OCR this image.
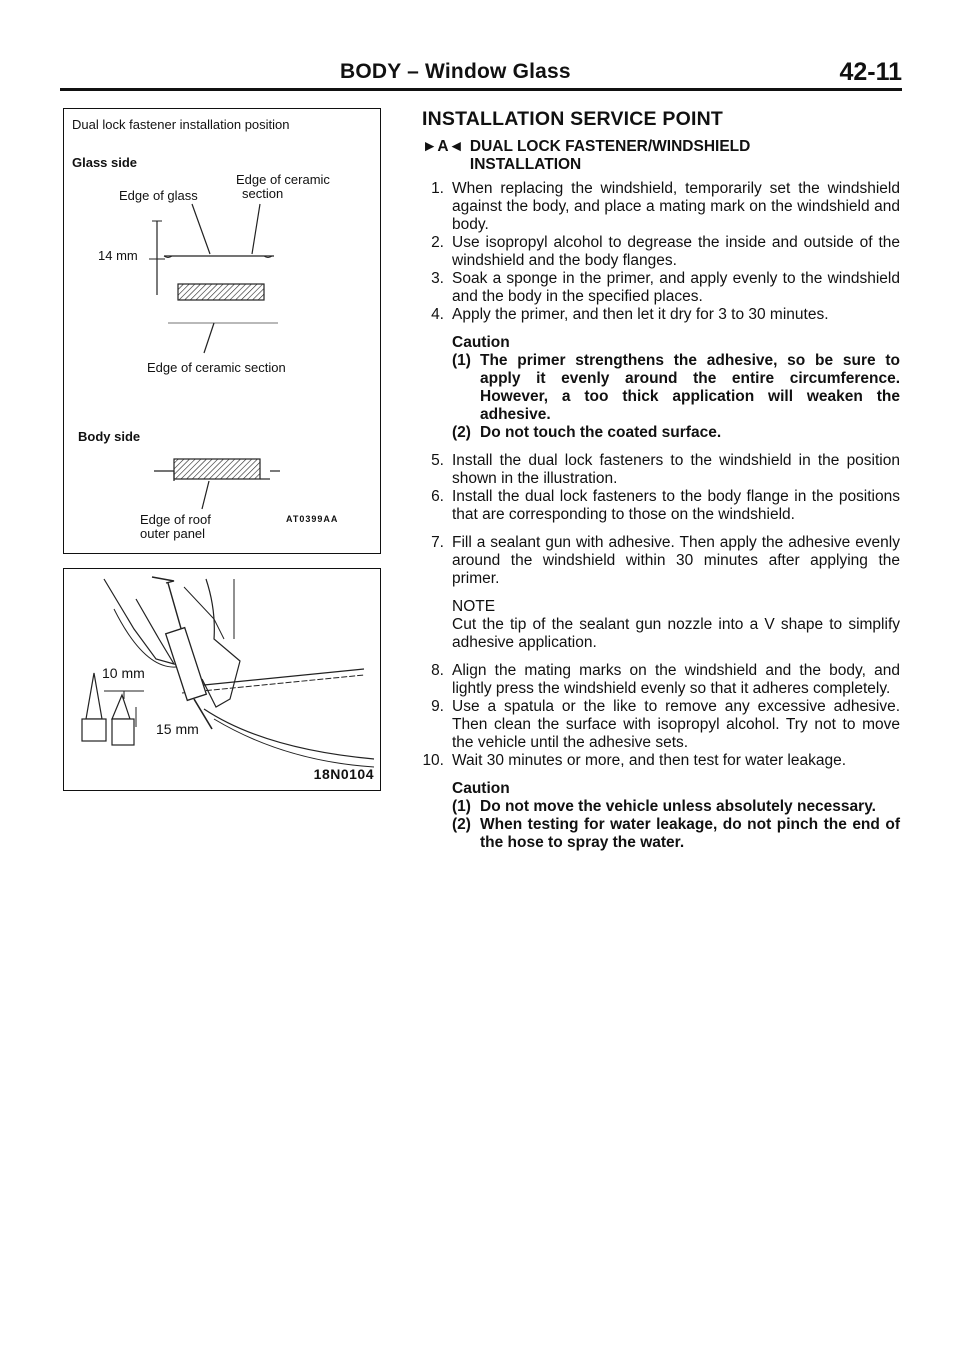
BODY – Window Glass	42-11
Dual lock fastener installation position
Glass side
Edge of ceramic
Edge of glass	section
14 mm
Edge of ceramic section
Body side
Edge of roof
outer panel
AT0399AA
10 mm
15 mm
18N0104
INSTALLATION SERVICE POINT
►A◄ DUAL LOCK FASTENER/WINDSHIELD
INSTALLATION
1. When replacing the windshield, temporarily set the windshield against the body, and place a mating mark on the windshield and body.
2. Use isopropyl alcohol to degrease the inside and outside of the windshield and the body flanges.
3. Soak a sponge in the primer, and apply evenly to the windshield and the body in the specified places.
4. Apply the primer, and then let it dry for 3 to 30 minutes.
Caution
(1) The primer strengthens the adhesive, so be sure to apply it evenly around the entire circumference. However, a too thick application will weaken the adhesive.
(2) Do not touch the coated surface.
5. Install the dual lock fasteners to the windshield in the position shown in the illustration.
6. Install the dual lock fasteners to the body flange in the positions that are corresponding to those on the windshield.
7. Fill a sealant gun with adhesive. Then apply the adhesive evenly around the windshield within 30 minutes after applying the primer.
NOTE
Cut the tip of the sealant gun nozzle into a V shape to simplify adhesive application.
8. Align the mating marks on the windshield and the body, and lightly press the windshield evenly so that it adheres completely.
9. Use a spatula or the like to remove any excessive adhesive. Then clean the surface with isopropyl alcohol. Try not to move the vehicle until the adhesive sets.
10. Wait 30 minutes or more, and then test for water leakage.
Caution
(1) Do not move the vehicle unless absolutely necessary.
(2) When testing for water leakage, do not pinch the end of the hose to spray the water.
